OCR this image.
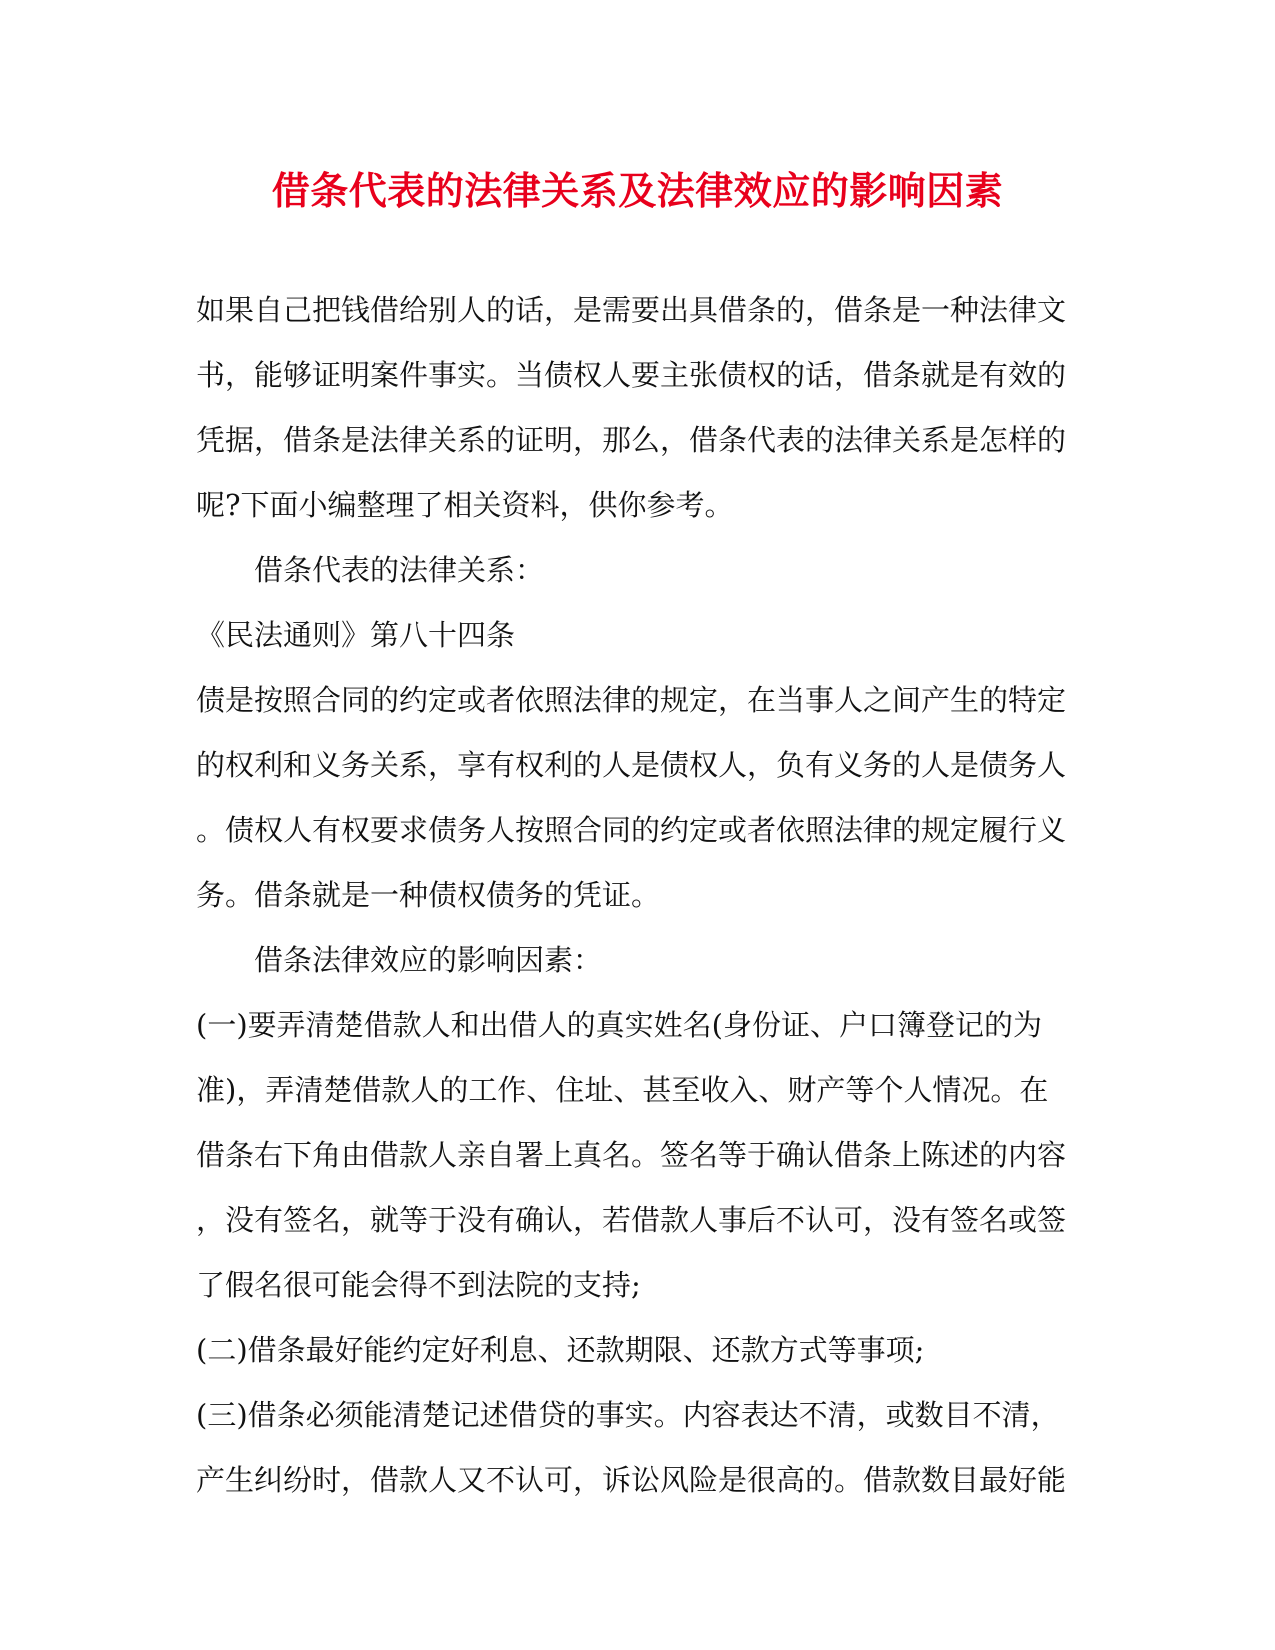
借条代表的法律关系及法律效应的影响因素
如果自己把钱借给别人的话，是需要出具借条的，借条是一种法律文
书，能够证明案件事实。当债权人要主张债权的话，借条就是有效的
凭据，借条是法律关系的证明，那么，借条代表的法律关系是怎样的
呢?下面小编整理了相关资料，供你参考。
借条代表的法律关系：
《民法通则》第八十四条
债是按照合同的约定或者依照法律的规定，在当事人之间产生的特定
的权利和义务关系，享有权利的人是债权人，负有义务的人是债务人
。债权人有权要求债务人按照合同的约定或者依照法律的规定履行义
务。借条就是一种债权债务的凭证。
借条法律效应的影响因素：
(一)要弄清楚借款人和出借人的真实姓名(身份证、户口簿登记的为
准)，弄清楚借款人的工作、住址、甚至收入、财产等个人情况。在
借条右下角由借款人亲自署上真名。签名等于确认借条上陈述的内容
，没有签名，就等于没有确认，若借款人事后不认可，没有签名或签
了假名很可能会得不到法院的支持;
(二)借条最好能约定好利息、还款期限、还款方式等事项;
(三)借条必须能清楚记述借贷的事实。内容表达不清，或数目不清，
产生纠纷时，借款人又不认可，诉讼风险是很高的。借款数目最好能
